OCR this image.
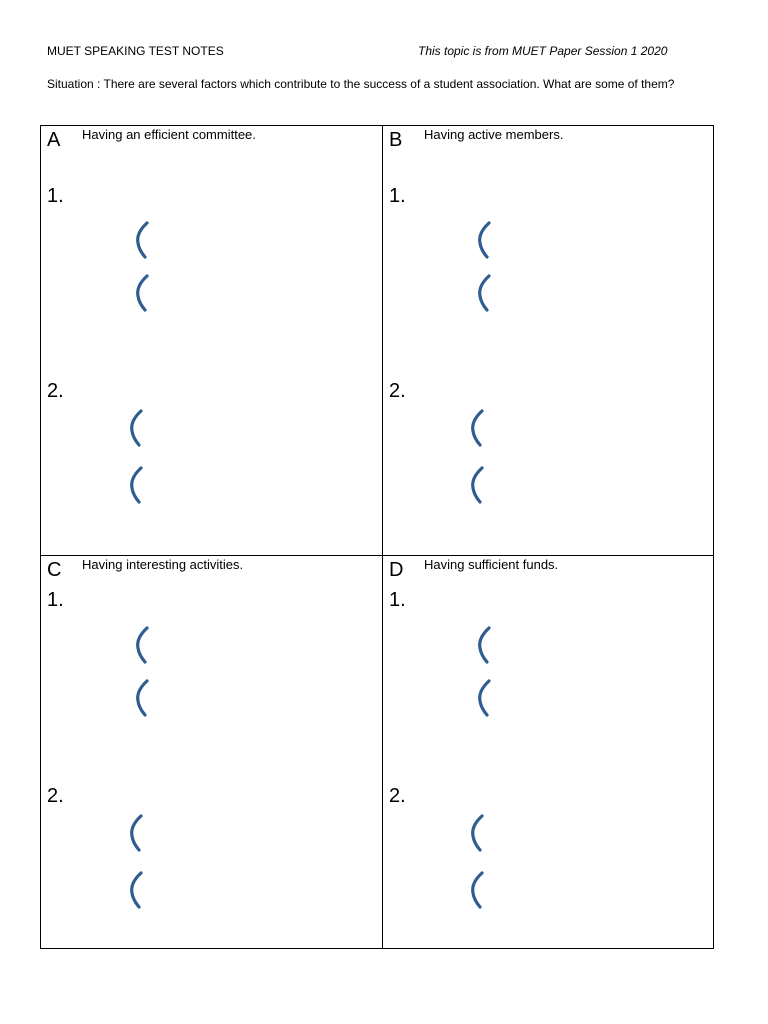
MUET SPEAKING TEST NOTES	This topic is from MUET Paper Session 1 2020
Situation : There are several factors which contribute to the success of a student association. What are some of them?
A Having an efficient committee.
1.
2.
B Having active members.
1.
2.
C Having interesting activities.
1.
2.
D Having sufficient funds.
1.
2.
